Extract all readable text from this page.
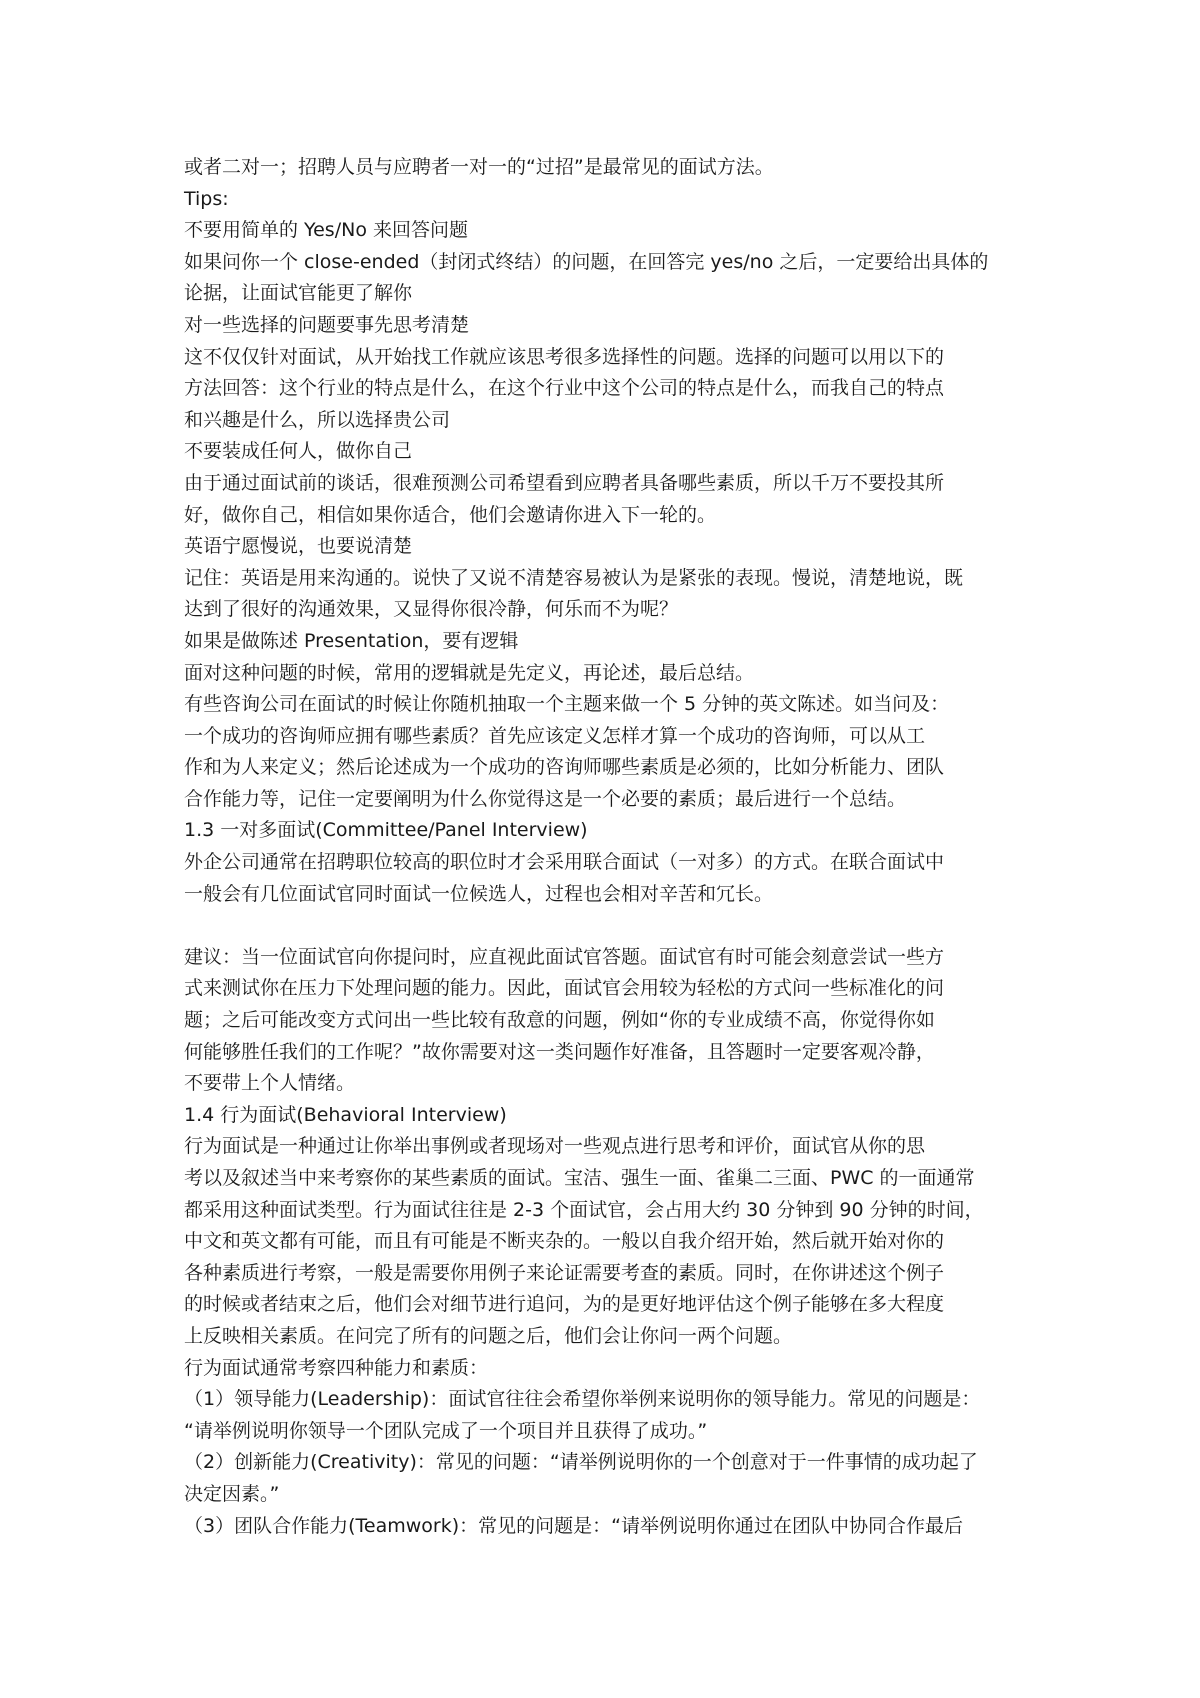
或者二对一；招聘人员与应聘者一对一的“过招”是最常见的面试方法。
Tips:
不要用简单的 Yes/No 来回答问题
如果问你一个 close-ended（封闭式终结）的问题，在回答完 yes/no 之后，一定要给出具体的
论据，让面试官能更了解你
对一些选择的问题要事先思考清楚
这不仅仅针对面试，从开始找工作就应该思考很多选择性的问题。选择的问题可以用以下的
方法回答：这个行业的特点是什么，在这个行业中这个公司的特点是什么，而我自己的特点
和兴趣是什么，所以选择贵公司
不要装成任何人，做你自己
由于通过面试前的谈话，很难预测公司希望看到应聘者具备哪些素质，所以千万不要投其所
好，做你自己，相信如果你适合，他们会邀请你进入下一轮的。
英语宁愿慢说，也要说清楚
记住：英语是用来沟通的。说快了又说不清楚容易被认为是紧张的表现。慢说，清楚地说，既
达到了很好的沟通效果，又显得你很冷静，何乐而不为呢？
如果是做陈述 Presentation，要有逻辑
面对这种问题的时候，常用的逻辑就是先定义，再论述，最后总结。
有些咨询公司在面试的时候让你随机抽取一个主题来做一个 5 分钟的英文陈述。如当问及：
一个成功的咨询师应拥有哪些素质？首先应该定义怎样才算一个成功的咨询师，可以从工
作和为人来定义；然后论述成为一个成功的咨询师哪些素质是必须的，比如分析能力、团队
合作能力等，记住一定要阐明为什么你觉得这是一个必要的素质；最后进行一个总结。
1.3 一对多面试(Committee/Panel Interview)
外企公司通常在招聘职位较高的职位时才会采用联合面试（一对多）的方式。在联合面试中
一般会有几位面试官同时面试一位候选人，过程也会相对辛苦和冗长。
建议：当一位面试官向你提问时，应直视此面试官答题。面试官有时可能会刻意尝试一些方
式来测试你在压力下处理问题的能力。因此，面试官会用较为轻松的方式问一些标准化的问
题；之后可能改变方式问出一些比较有敌意的问题，例如“你的专业成绩不高，你觉得你如
何能够胜任我们的工作呢？”故你需要对这一类问题作好准备，且答题时一定要客观冷静，
不要带上个人情绪。
1.4 行为面试(Behavioral Interview)
行为面试是一种通过让你举出事例或者现场对一些观点进行思考和评价，面试官从你的思
考以及叙述当中来考察你的某些素质的面试。宝洁、强生一面、雀巢二三面、PWC 的一面通常
都采用这种面试类型。行为面试往往是 2-3 个面试官，会占用大约 30 分钟到 90 分钟的时间，
中文和英文都有可能，而且有可能是不断夹杂的。一般以自我介绍开始，然后就开始对你的
各种素质进行考察，一般是需要你用例子来论证需要考查的素质。同时，在你讲述这个例子
的时候或者结束之后，他们会对细节进行追问，为的是更好地评估这个例子能够在多大程度
上反映相关素质。在问完了所有的问题之后，他们会让你问一两个问题。
行为面试通常考察四种能力和素质：
（1）领导能力(Leadership)：面试官往往会希望你举例来说明你的领导能力。常见的问题是：
“请举例说明你领导一个团队完成了一个项目并且获得了成功。”
（2）创新能力(Creativity)：常见的问题：“请举例说明你的一个创意对于一件事情的成功起了
决定因素。”
（3）团队合作能力(Teamwork)：常见的问题是：“请举例说明你通过在团队中协同合作最后
